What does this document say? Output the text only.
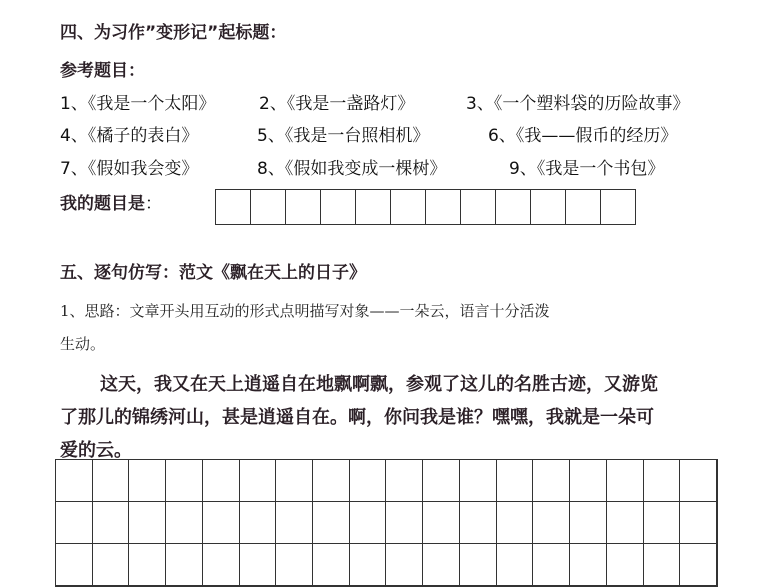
四、为习作”变形记”起标题：
参考题目：
1、《我是一个太阳》	2、《我是一盏路灯》	3、《一个塑料袋的历险故事》
4、《橘子的表白》	5、《我是一台照相机》	6、《我——假币的经历》
7、《假如我会变》	8、《假如我变成一棵树》	9、《我是一个书包》
我的题目是：
五、逐句仿写：范文《飘在天上的日子》
1、思路：文章开头用互动的形式点明描写对象——一朵云，语言十分活泼
生动。
这天，我又在天上逍遥自在地飘啊飘，参观了这儿的名胜古迹，又游览
了那儿的锦绣河山，甚是逍遥自在。啊，你问我是谁？嘿嘿，我就是一朵可
爱的云。
